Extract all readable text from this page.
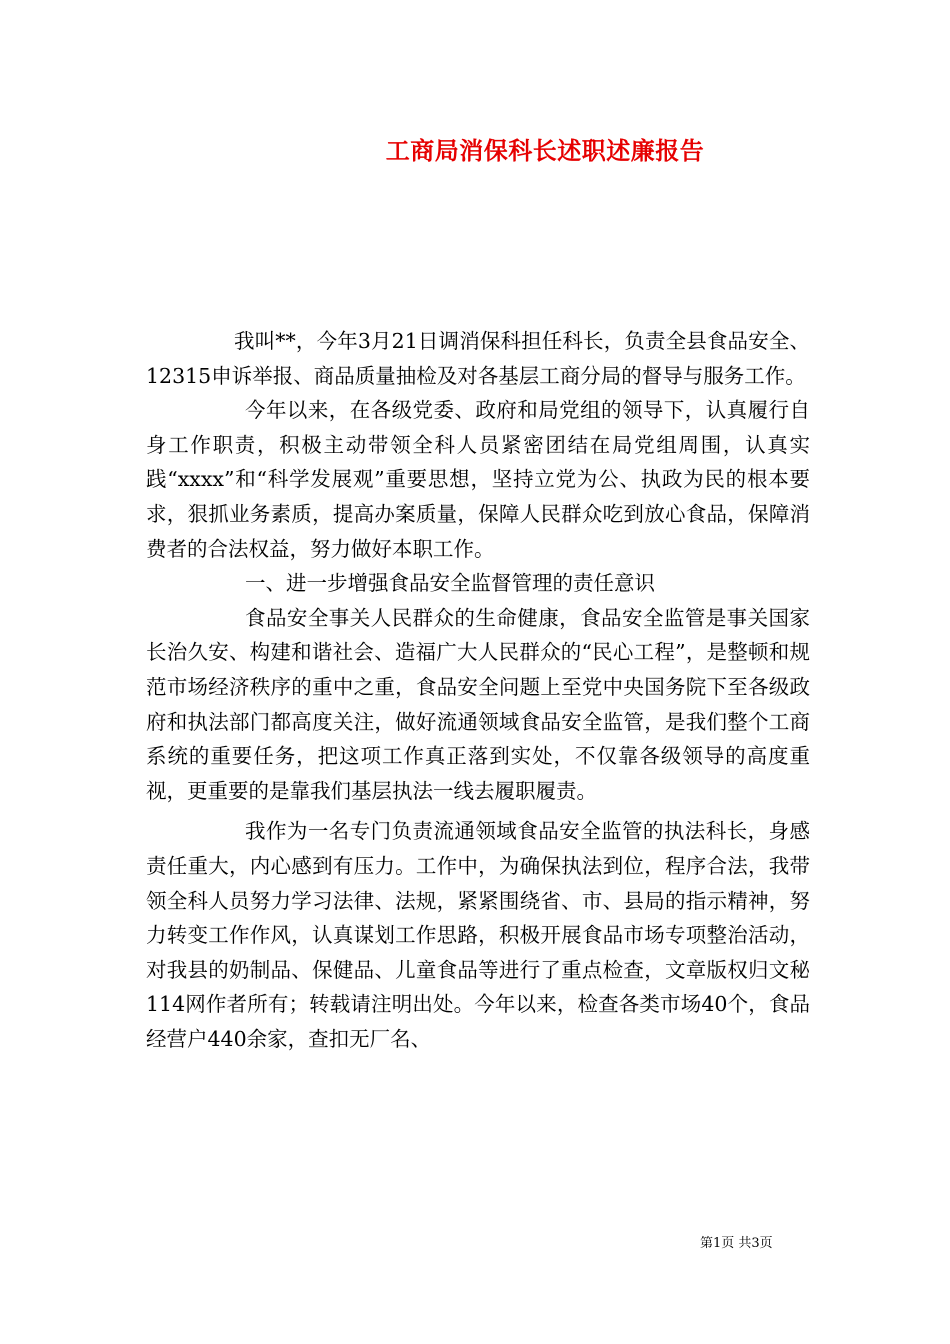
工商局消保科长述职述廉报告

我叫**，今年3月21日调消保科担任科长，负责全县食品安全、12315申诉举报、商品质量抽检及对各基层工商分局的督导与服务工作。

今年以来，在各级党委、政府和局党组的领导下，认真履行自身工作职责，积极主动带领全科人员紧密团结在局党组周围，认真实践“xxxx”和“科学发展观”重要思想，坚持立党为公、执政为民的根本要求，狠抓业务素质，提高办案质量，保障人民群众吃到放心食品，保障消费者的合法权益，努力做好本职工作。

一、进一步增强食品安全监督管理的责任意识

食品安全事关人民群众的生命健康，食品安全监管是事关国家长治久安、构建和谐社会、造福广大人民群众的“民心工程”，是整顿和规范市场经济秩序的重中之重，食品安全问题上至党中央国务院下至各级政府和执法部门都高度关注，做好流通领域食品安全监管，是我们整个工商系统的重要任务，把这项工作真正落到实处，不仅靠各级领导的高度重视，更重要的是靠我们基层执法一线去履职履责。

我作为一名专门负责流通领域食品安全监管的执法科长，身感责任重大，内心感到有压力。工作中，为确保执法到位，程序合法，我带领全科人员努力学习法律、法规，紧紧围绕省、市、县局的指示精神，努力转变工作作风，认真谋划工作思路，积极开展食品市场专项整治活动，对我县的奶制品、保健品、儿童食品等进行了重点检查，文章版权归文秘114网作者所有；转载请注明出处。今年以来，检查各类市场40个，食品经营户440余家，查扣无厂名、

第1页 共3页
